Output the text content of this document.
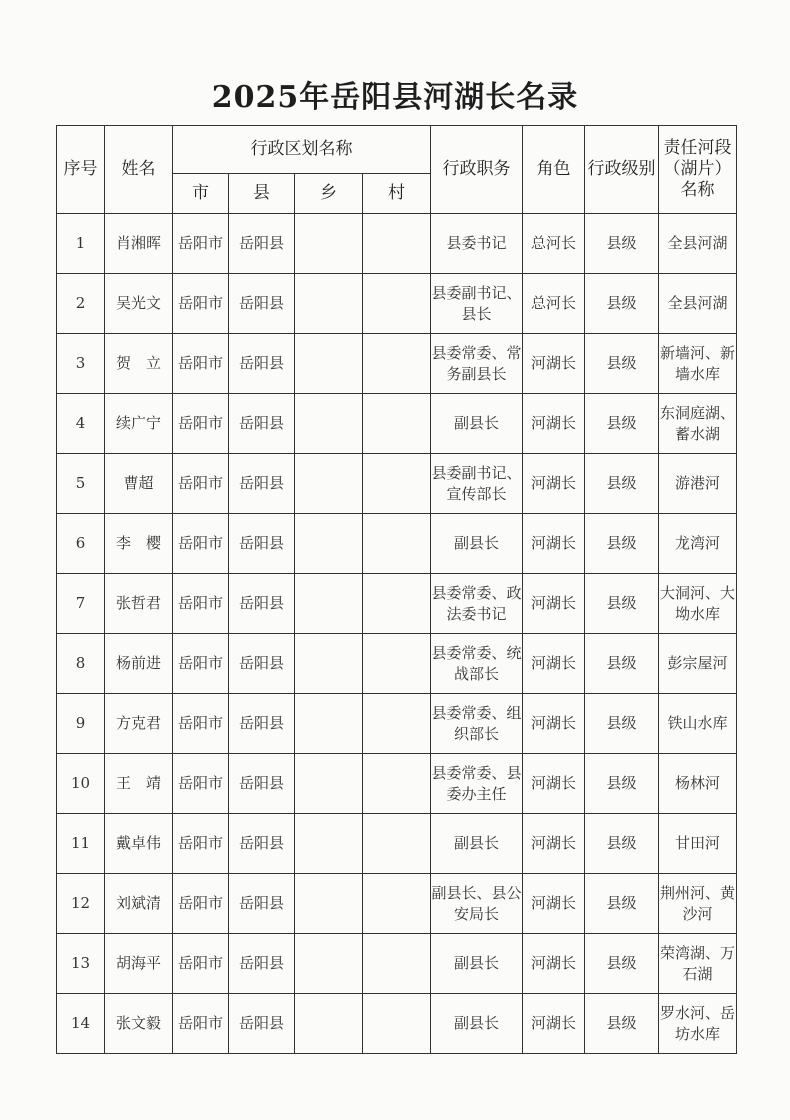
2025年岳阳县河湖长名录
序号	姓名	行政区划名称				行政职务	角色	行政级别	责任河段（湖片）名称
		市	县	乡	村				
1	肖湘晖	岳阳市	岳阳县			县委书记	总河长	县级	全县河湖
2	吴光文	岳阳市	岳阳县			县委副书记、县长	总河长	县级	全县河湖
3	贺　立	岳阳市	岳阳县			县委常委、常务副县长	河湖长	县级	新墙河、新墙水库
4	续广宁	岳阳市	岳阳县			副县长	河湖长	县级	东洞庭湖、蓄水湖
5	曹超	岳阳市	岳阳县			县委副书记、宣传部长	河湖长	县级	游港河
6	李　樱	岳阳市	岳阳县			副县长	河湖长	县级	龙湾河
7	张哲君	岳阳市	岳阳县			县委常委、政法委书记	河湖长	县级	大洞河、大坳水库
8	杨前进	岳阳市	岳阳县			县委常委、统战部长	河湖长	县级	彭宗屋河
9	方克君	岳阳市	岳阳县			县委常委、组织部长	河湖长	县级	铁山水库
10	王　靖	岳阳市	岳阳县			县委常委、县委办主任	河湖长	县级	杨林河
11	戴卓伟	岳阳市	岳阳县			副县长	河湖长	县级	甘田河
12	刘斌清	岳阳市	岳阳县			副县长、县公安局长	河湖长	县级	荆州河、黄沙河
13	胡海平	岳阳市	岳阳县			副县长	河湖长	县级	荣湾湖、万石湖
14	张文毅	岳阳市	岳阳县			副县长	河湖长	县级	罗水河、岳坊水库
